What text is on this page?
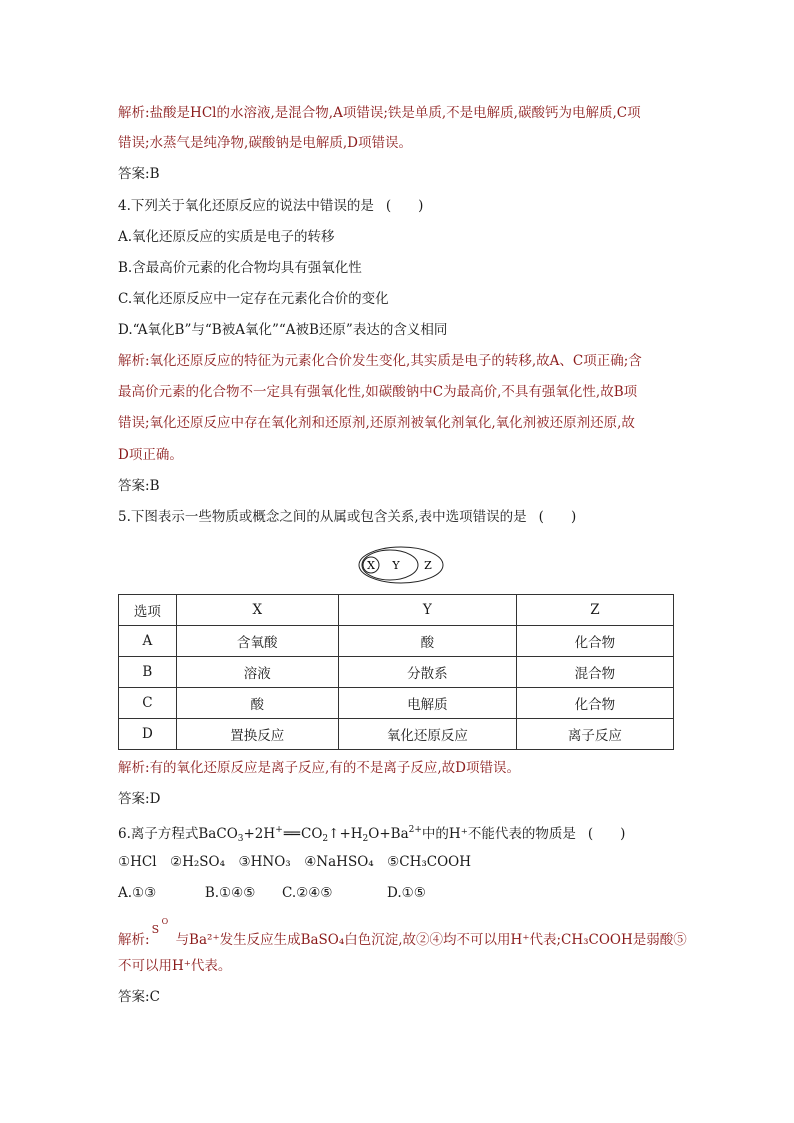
解析:盐酸是HCl的水溶液,是混合物,A项错误;铁是单质,不是电解质,碳酸钙为电解质,C项
错误;水蒸气是纯净物,碳酸钠是电解质,D项错误。
答案:B
4.下列关于氧化还原反应的说法中错误的是 (　　)
A.氧化还原反应的实质是电子的转移
B.含最高价元素的化合物均具有强氧化性
C.氧化还原反应中一定存在元素化合价的变化
D.“A氧化B”与“B被A氧化”“A被B还原”表达的含义相同
解析:氧化还原反应的特征为元素化合价发生变化,其实质是电子的转移,故A、C项正确;含
最高价元素的化合物不一定具有强氧化性,如碳酸钠中C为最高价,不具有强氧化性,故B项
错误;氧化还原反应中存在氧化剂和还原剂,还原剂被氧化剂氧化,氧化剂被还原剂还原,故
D项正确。
答案:B
5.下图表示一些物质或概念之间的从属或包含关系,表中选项错误的是 (　　)
X Y Z
选项	X	Y	Z
A	含氧酸	酸	化合物
B	溶液	分散系	混合物
C	酸	电解质	化合物
D	置换反应	氧化还原反应	离子反应
解析:有的氧化还原反应是离子反应,有的不是离子反应,故D项错误。
答案:D
6.离子方程式$BaCO_3+2H^+══CO_2↑+H_2O+Ba^{2+}$中的H⁺不能代表的物质是 (　　)
①HCl　②H₂SO₄　③HNO₃　④NaHSO₄　⑤CH₃COOH
A.①③	B.①④⑤ C.②④⑤	D.①⑤
解析:
S
O
与Ba²⁺发生反应生成BaSO₄白色沉淀,故②④均不可以用H⁺代表;CH₃COOH是弱酸⑤
不可以用H⁺代表。
答案:C
